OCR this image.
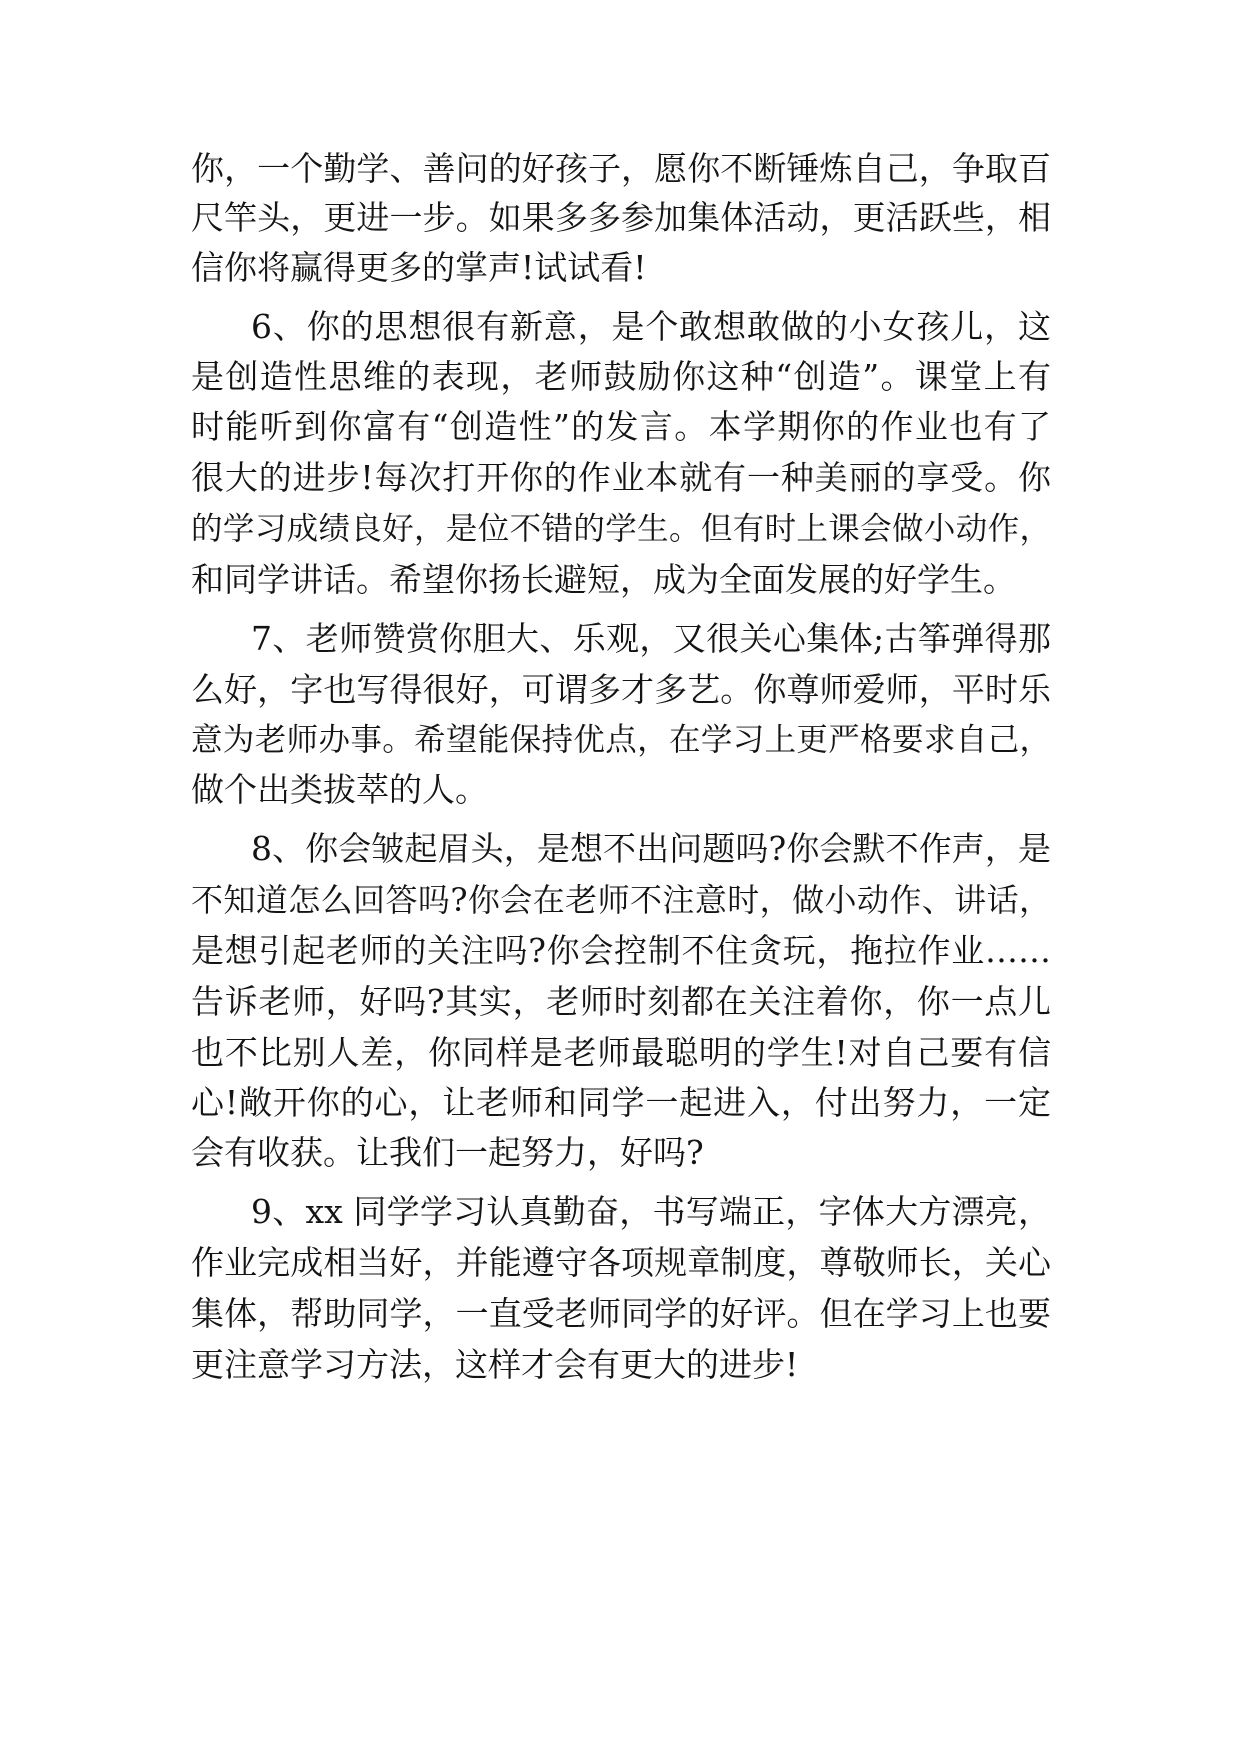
你，一个勤学、善问的好孩子，愿你不断锤炼自己，争取百
尺竿头，更进一步。如果多多参加集体活动，更活跃些，相
信你将赢得更多的掌声!试试看!
6、你的思想很有新意，是个敢想敢做的小女孩儿，这
是创造性思维的表现，老师鼓励你这种“创造”。课堂上有
时能听到你富有“创造性”的发言。本学期你的作业也有了
很大的进步!每次打开你的作业本就有一种美丽的享受。你
的学习成绩良好，是位不错的学生。但有时上课会做小动作，
和同学讲话。希望你扬长避短，成为全面发展的好学生。
7、老师赞赏你胆大、乐观，又很关心集体;古筝弹得那
么好，字也写得很好，可谓多才多艺。你尊师爱师，平时乐
意为老师办事。希望能保持优点，在学习上更严格要求自己，
做个出类拔萃的人。
8、你会皱起眉头，是想不出问题吗?你会默不作声，是
不知道怎么回答吗?你会在老师不注意时，做小动作、讲话，
是想引起老师的关注吗?你会控制不住贪玩，拖拉作业……
告诉老师，好吗?其实，老师时刻都在关注着你，你一点儿
也不比别人差，你同样是老师最聪明的学生!对自己要有信
心!敞开你的心，让老师和同学一起进入，付出努力，一定
会有收获。让我们一起努力，好吗?
9、xx 同学学习认真勤奋，书写端正，字体大方漂亮，
作业完成相当好，并能遵守各项规章制度，尊敬师长，关心
集体，帮助同学，一直受老师同学的好评。但在学习上也要
更注意学习方法，这样才会有更大的进步!
